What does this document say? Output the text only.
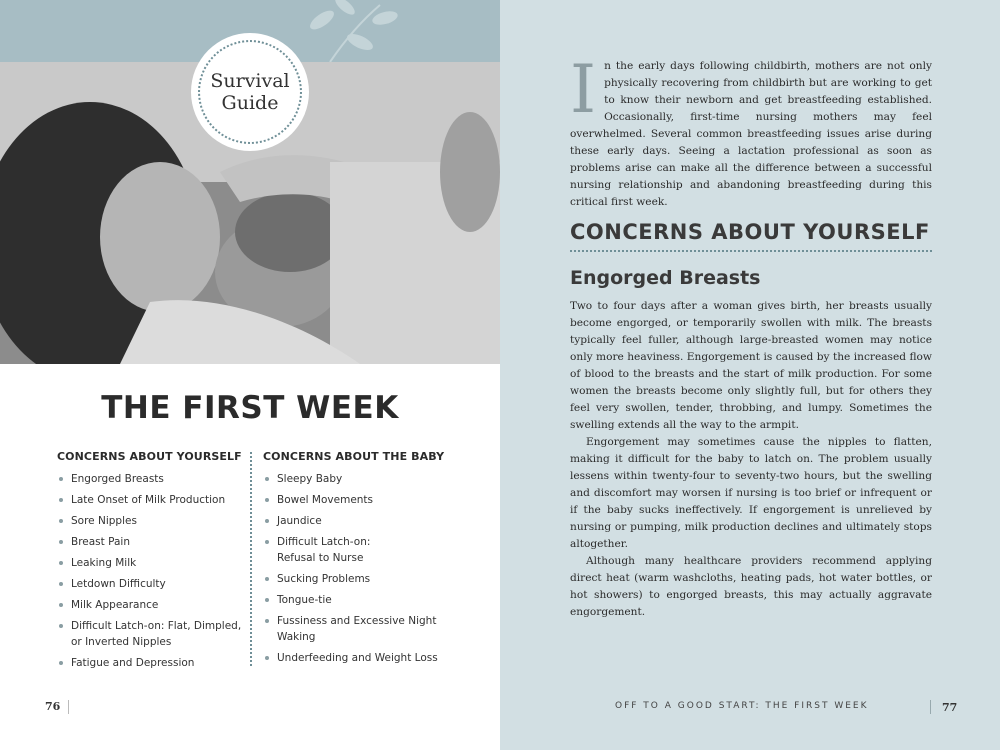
Survival
Guide
THE FIRST WEEK
CONCERNS ABOUT YOURSELF
Engorged Breasts
Late Onset of Milk Production
Sore Nipples
Breast Pain
Leaking Milk
Letdown Difficulty
Milk Appearance
Difficult Latch-on: Flat, Dimpled,
or Inverted Nipples
Fatigue and Depression
CONCERNS ABOUT THE BABY
Sleepy Baby
Bowel Movements
Jaundice
Difficult Latch-on:
Refusal to Nurse
Sucking Problems
Tongue-tie
Fussiness and Excessive Night
Waking
Underfeeding and Weight Loss
76
I n the early days following childbirth, mothers are not only physically recovering from childbirth but are working to get to know their newborn and get breastfeeding established. Occasionally, first-time nursing mothers may feel overwhelmed. Several common breastfeeding issues arise during these early days. Seeing a lactation professional as soon as problems arise can make all the difference between a successful nursing relationship and abandoning breastfeeding during this critical first week.
CONCERNS ABOUT YOURSELF
Engorged Breasts

Two to four days after a woman gives birth, her breasts usually become engorged, or temporarily swollen with milk. The breasts typically feel fuller, although large-breasted women may notice only more heaviness. Engorgement is caused by the increased flow of blood to the breasts and the start of milk production. For some women the breasts become only slightly full, but for others they feel very swollen, tender, throbbing, and lumpy. Sometimes the swelling extends all the way to the armpit.

Engorgement may sometimes cause the nipples to flatten, making it difficult for the baby to latch on. The problem usually lessens within twenty-four to seventy-two hours, but the swelling and discomfort may worsen if nursing is too brief or infrequent or if the baby sucks ineffectively. If engorgement is unrelieved by nursing or pumping, milk production declines and ultimately stops altogether.

Although many healthcare providers recommend applying direct heat (warm washcloths, heating pads, hot water bottles, or hot showers) to engorged breasts, this may actually aggravate engorgement.

OFF TO A GOOD START: THE FIRST WEEK	77
